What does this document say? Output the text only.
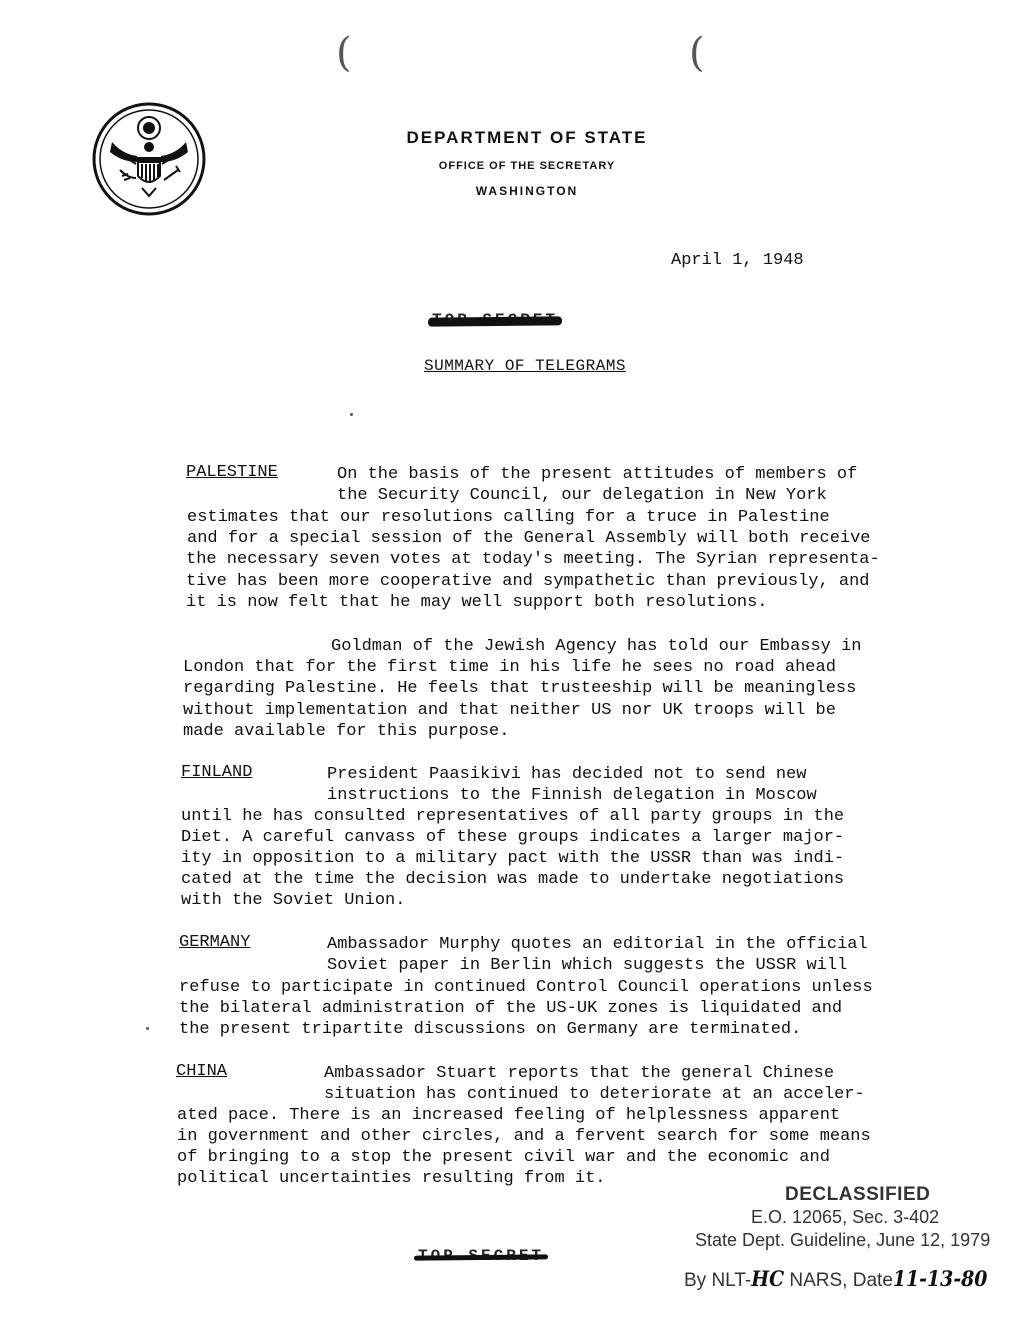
(	(
DEPARTMENT OF STATE
OFFICE OF THE SECRETARY
WASHINGTON
April 1, 1948
SUMMARY OF TELEGRAMS
PALESTINE	On the basis of the present attitudes of members of
the Security Council, our delegation in New York
estimates that our resolutions calling for a truce in Palestine
and for a special session of the General Assembly will both receive
the necessary seven votes at today's meeting. The Syrian representa-
tive has been more cooperative and sympathetic than previously, and
it is now felt that he may well support both resolutions.
Goldman of the Jewish Agency has told our Embassy in
London that for the first time in his life he sees no road ahead
regarding Palestine. He feels that trusteeship will be meaningless
without implementation and that neither US nor UK troops will be
made available for this purpose.
FINLAND	President Paasikivi has decided not to send new
instructions to the Finnish delegation in Moscow
until he has consulted representatives of all party groups in the
Diet. A careful canvass of these groups indicates a larger major-
ity in opposition to a military pact with the USSR than was indi-
cated at the time the decision was made to undertake negotiations
with the Soviet Union.
GERMANY	Ambassador Murphy quotes an editorial in the official
Soviet paper in Berlin which suggests the USSR will
refuse to participate in continued Control Council operations unless
the bilateral administration of the US-UK zones is liquidated and
the present tripartite discussions on Germany are terminated.
CHINA	Ambassador Stuart reports that the general Chinese
situation has continued to deteriorate at an acceler-
ated pace. There is an increased feeling of helplessness apparent
in government and other circles, and a fervent search for some means
of bringing to a stop the present civil war and the economic and
political uncertainties resulting from it.
DECLASSIFIED
E.O. 12065, Sec. 3-402
State Dept. Guideline, June 12, 1979
By NLT-HC NARS, Date11-13-80
